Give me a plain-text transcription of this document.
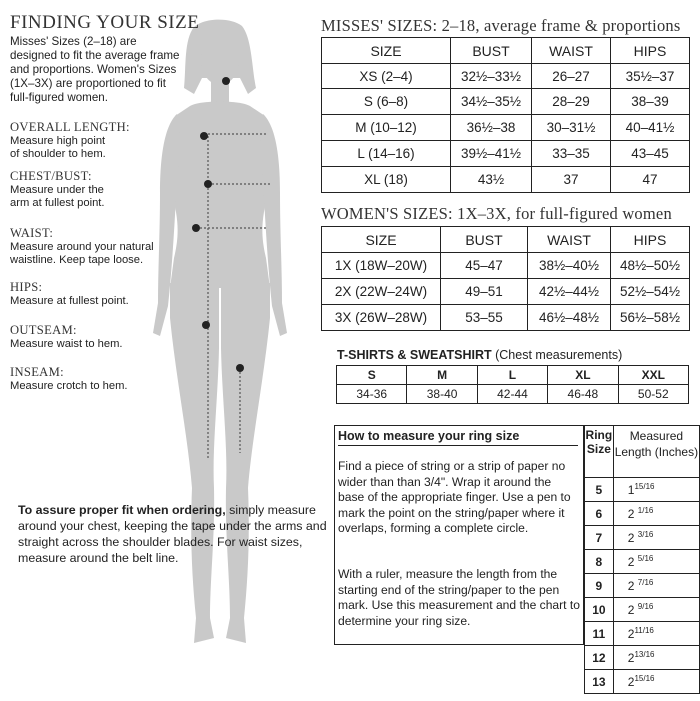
FINDING YOUR SIZE
Misses' Sizes (2–18) are designed to fit the average frame and proportions. Women's Sizes (1X–3X) are proportioned to fit full-figured women.
OVERALL LENGTH:
Measure high point of shoulder to hem.
CHEST/BUST:
Measure under the arm at fullest point.
WAIST:
Measure around your natural waistline. Keep tape loose.
HIPS:
Measure at fullest point.
OUTSEAM:
Measure waist to hem.
INSEAM:
Measure crotch to hem.
To assure proper fit when ordering, simply measure around your chest, keeping the tape under the arms and straight across the shoulder blades. For waist sizes, measure around the belt line.
MISSES' SIZES: 2–18, average frame & proportions
SIZE	BUST	WAIST	HIPS
XS (2–4)	32½–33½	26–27	35½–37
S (6–8)	34½–35½	28–29	38–39
M (10–12)	36½–38	30–31½	40–41½
L (14–16)	39½–41½	33–35	43–45
XL (18)	43½	37	47
WOMEN'S SIZES: 1X–3X, for full-figured women
SIZE	BUST	WAIST	HIPS
1X (18W–20W)	45–47	38½–40½	48½–50½
2X (22W–24W)	49–51	42½–44½	52½–54½
3X (26W–28W)	53–55	46½–48½	56½–58½
T-SHIRTS & SWEATSHIRT (Chest measurements)
S	M	L	XL	XXL
34-36	38-40	42-44	46-48	50-52
How to measure your ring size
Find a piece of string or a strip of paper no wider than than 3/4". Wrap it around the base of the appropriate finger. Use a pen to mark the point on the string/paper where it overlaps, forming a complete circle.
With a ruler, measure the length from the starting end of the string/paper to the pen mark. Use this measurement and the chart to determine your ring size.
Ring Size	Measured Length (Inches)
5	$1^{15/16}$
6	2 $^{1/16}$
7	2 $^{3/16}$
8	2 $^{5/16}$
9	2 $^{7/16}$
10	2 $^{9/16}$
11	$2^{11/16}$
12	$2^{13/16}$
13	$2^{15/16}$
